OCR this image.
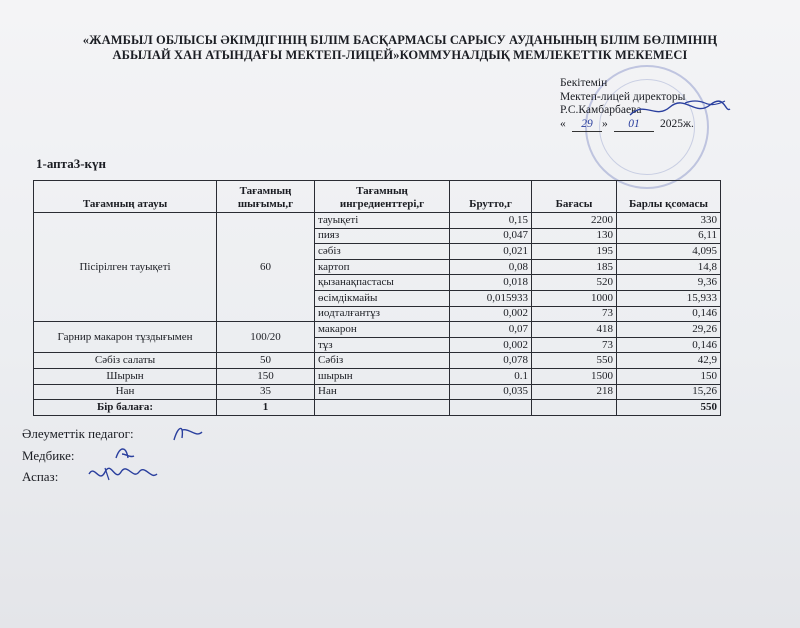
«ЖАМБЫЛ ОБЛЫСЫ ӘКІМДІГІНІҢ БІЛІМ БАСҚАРМАСЫ САРЫСУ АУДАНЫНЫҢ БІЛІМ БӨЛІМІНІҢ
АБЫЛАЙ ХАН АТЫНДАҒЫ МЕКТЕП-ЛИЦЕЙ»КОММУНАЛДЫҚ МЕМЛЕКЕТТІК МЕКЕМЕСІ
Бекітемін
Мектеп-лицей директоры
Р.С.Камбарбаева
« 29 » 01 2025ж.
1-апта3-күн
Тағамның атауы	Тағамның шығымы,г	Тағамның ингредиенттері,г	Брутто,г	Бағасы	Барлы қсомасы
Пісірілген тауықеті	60	тауықеті	0,15	2200	330
		пияз	0,047	130	6,11
		сәбіз	0,021	195	4,095
		картоп	0,08	185	14,8
		қызанақпастасы	0,018	520	9,36
		өсімдікмайы	0,015933	1000	15,933
		иодталғантұз	0,002	73	0,146
Гарнир макарон тұздығымен	100/20	макарон	0,07	418	29,26
		тұз	0,002	73	0,146
Сәбіз салаты	50	Сәбіз	0,078	550	42,9
Шырын	150	шырын	0.1	1500	150
Нан	35	Нан	0,035	218	15,26
Бір балаға:	1				550
Әлеуметтік педагог:
Медбике:
Аспаз:
